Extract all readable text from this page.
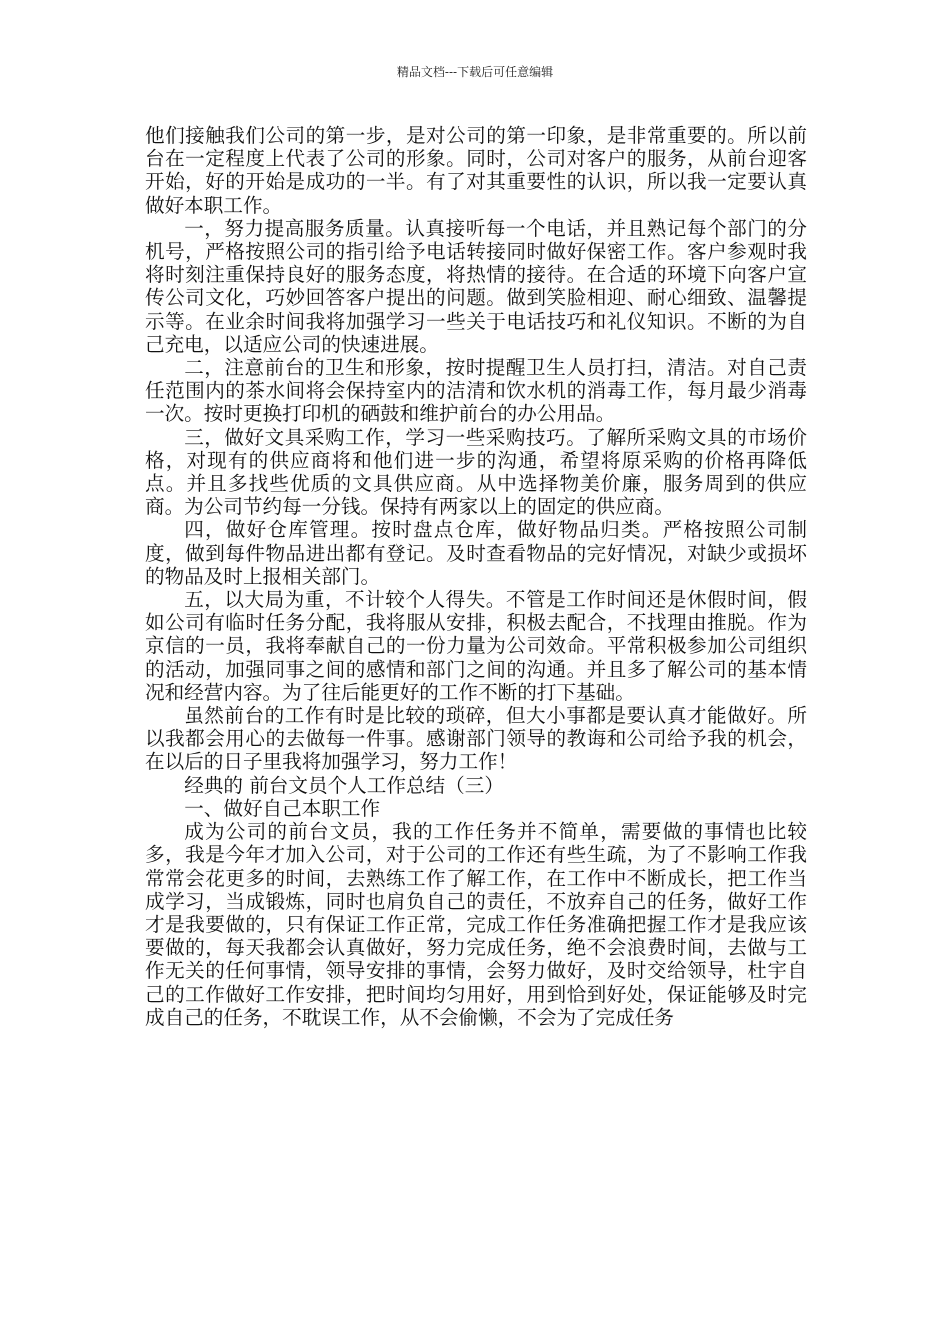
精品文档---下载后可任意编辑

他们接触我们公司的第一步，是对公司的第一印象，是非常重要的。所以前台在一定程度上代表了公司的形象。同时，公司对客户的服务，从前台迎客开始，好的开始是成功的一半。有了对其重要性的认识，所以我一定要认真做好本职工作。

一，努力提高服务质量。认真接听每一个电话，并且熟记每个部门的分机号，严格按照公司的指引给予电话转接同时做好保密工作。客户参观时我将时刻注重保持良好的服务态度，将热情的接待。在合适的环境下向客户宣传公司文化，巧妙回答客户提出的问题。做到笑脸相迎、耐心细致、温馨提示等。在业余时间我将加强学习一些关于电话技巧和礼仪知识。不断的为自己充电，以适应公司的快速进展。

二，注意前台的卫生和形象，按时提醒卫生人员打扫，清洁。对自己责任范围内的茶水间将会保持室内的洁清和饮水机的消毒工作，每月最少消毒一次。按时更换打印机的硒鼓和维护前台的办公用品。

三，做好文具采购工作，学习一些采购技巧。了解所采购文具的市场价格，对现有的供应商将和他们进一步的沟通，希望将原采购的价格再降低点。并且多找些优质的文具供应商。从中选择物美价廉，服务周到的供应商。为公司节约每一分钱。保持有两家以上的固定的供应商。

四，做好仓库管理。按时盘点仓库，做好物品归类。严格按照公司制度，做到每件物品进出都有登记。及时查看物品的完好情况，对缺少或损坏的物品及时上报相关部门。

五，以大局为重，不计较个人得失。不管是工作时间还是休假时间，假如公司有临时任务分配，我将服从安排，积极去配合，不找理由推脱。作为京信的一员，我将奉献自己的一份力量为公司效命。平常积极参加公司组织的活动，加强同事之间的感情和部门之间的沟通。并且多了解公司的基本情况和经营内容。为了往后能更好的工作不断的打下基础。

虽然前台的工作有时是比较的琐碎，但大小事都是要认真才能做好。所以我都会用心的去做每一件事。感谢部门领导的教诲和公司给予我的机会，在以后的日子里我将加强学习，努力工作！

经典的 前台文员个人工作总结（三）

一、做好自己本职工作

成为公司的前台文员，我的工作任务并不简单，需要做的事情也比较多，我是今年才加入公司，对于公司的工作还有些生疏，为了不影响工作我常常会花更多的时间，去熟练工作了解工作，在工作中不断成长，把工作当成学习，当成锻炼，同时也肩负自己的责任，不放弃自己的任务，做好工作才是我要做的，只有保证工作正常，完成工作任务准确把握工作才是我应该要做的，每天我都会认真做好，努力完成任务，绝不会浪费时间，去做与工作无关的任何事情，领导安排的事情，会努力做好，及时交给领导，杜宇自己的工作做好工作安排，把时间均匀用好，用到恰到好处，保证能够及时完成自己的任务，不耽误工作，从不会偷懒，不会为了完成任务
